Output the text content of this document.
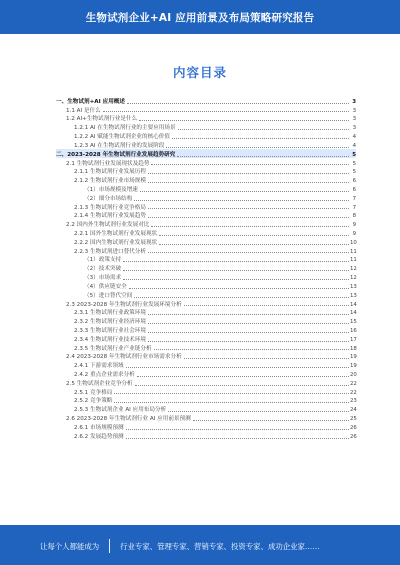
生物试剂企业+AI 应用前景及布局策略研究报告
内容目录
一、生物试剂+AI 应用概述	3
1.1 AI 是什么	3
1.2 AI+生物试剂行业是什么	3
1.2.1 AI 在生物试剂行业的主要应用场景	3
1.2.2 AI 赋能生物试剂企业的核心价值	4
1.2.3 AI 在生物试剂行业的发展阶段	4
二、2023-2028 年生物试剂行业发展趋势研究	5
2.1 生物试剂行业发展现状及趋势	5
2.1.1 生物试剂行业发展历程	5
2.1.2 生物试剂行业市场规模	6
（1）市场规模及增速	6
（2）细分市场结构	7
2.1.3 生物试剂行业竞争格局	7
2.1.4 生物试剂行业发展趋势	8
2.2 国内外生物试剂行业发展对比	9
2.2.1 国外生物试剂行业发展现状	9
2.2.2 国内生物试剂行业发展现状	10
2.2.3 生物试剂进口替代分析	11
（1）政策支持	11
（2）技术突破	12
（3）市场需求	12
（4）供应链安全	13
（5）进口替代空间	13
2.3 2023-2028 年生物试剂行业发展环境分析	14
2.3.1 生物试剂行业政策环境	14
2.3.2 生物试剂行业经济环境	15
2.3.3 生物试剂行业社会环境	16
2.3.4 生物试剂行业技术环境	17
2.3.5 生物试剂行业产业链分析	18
2.4 2023-2028 年生物试剂行业市场需求分析	19
2.4.1 下游需求领域	19
2.4.2 重点企业需求分析	20
2.5 生物试剂企业竞争分析	22
2.5.1 竞争格局	22
2.5.2 竞争策略	23
2.5.3 生物试剂企业 AI 应用布局分析	24
2.6 2023-2028 年生物试剂行业 AI 应用前景预测	25
2.6.1 市场规模预测	26
2.6.2 发展趋势预测	26
让每个人都能成为	行业专家、管理专家、营销专家、投资专家、成功企业家……
